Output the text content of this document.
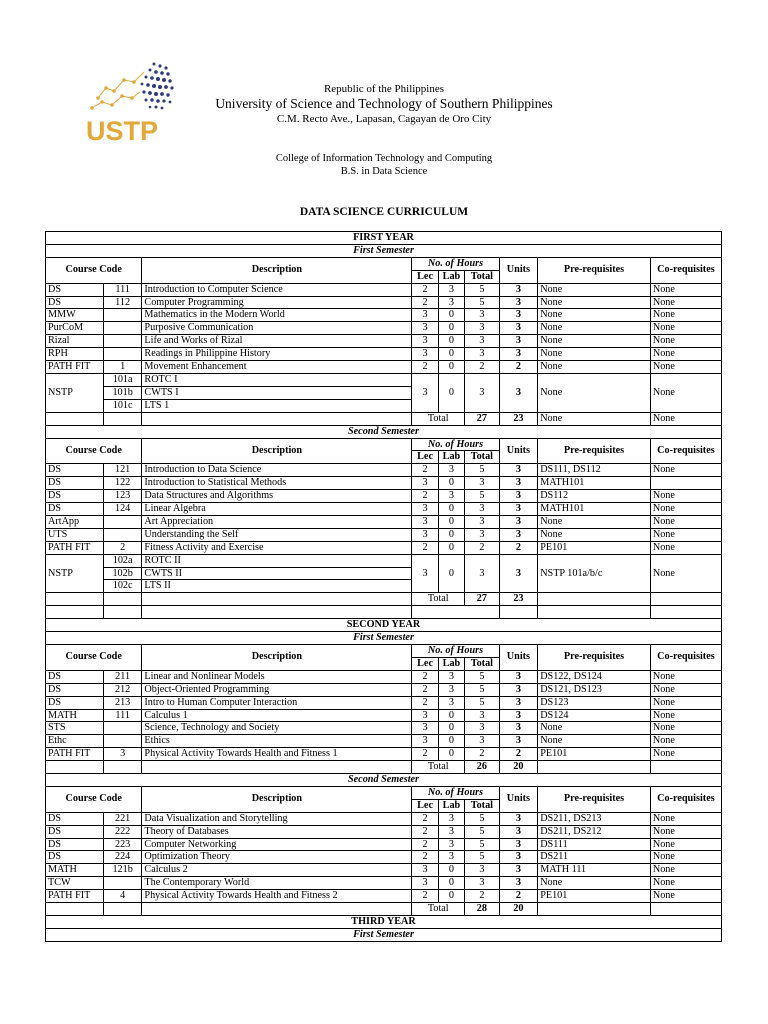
USTP
Republic of the Philippines
University of Science and Technology of Southern Philippines
C.M. Recto Ave., Lapasan, Cagayan de Oro City
College of Information Technology and Computing
B.S. in Data Science
DATA SCIENCE CURRICULUM
FIRST YEAR								
First Semester								
Course Code		Description	No. of Hours			Units	Pre-requisites	Co-requisites
			Lec	Lab	Total			
DS	111	Introduction to Computer Science	2	3	5	3	None	None
DS	112	Computer Programming	2	3	5	3	None	None
MMW		Mathematics in the Modern World	3	0	3	3	None	None
PurCoM		Purposive Communication	3	0	3	3	None	None
Rizal		Life and Works of Rizal	3	0	3	3	None	None
RPH		Readings in Philippine History	3	0	3	3	None	None
PATH FIT	1	Movement Enhancement	2	0	2	2	None	None
NSTP	101a	ROTC I	3	0	3	3	None	None
	101b	CWTS I						
	101c	LTS 1						
			Total		27	23	None	None
Second Semester								
Course Code		Description	No. of Hours			Units	Pre-requisites	Co-requisites
			Lec	Lab	Total			
DS	121	Introduction to Data Science	2	3	5	3	DS111, DS112	None
DS	122	Introduction to Statistical Methods	3	0	3	3	MATH101	
DS	123	Data Structures and Algorithms	2	3	5	3	DS112	None
DS	124	Linear Algebra	3	0	3	3	MATH101	None
ArtApp		Art Appreciation	3	0	3	3	None	None
UTS		Understanding the Self	3	0	3	3	None	None
PATH FIT	2	Fitness Activity and Exercise	2	0	2	2	PE101	None
NSTP	102a	ROTC II	3	0	3	3	NSTP 101a/b/c	None
	102b	CWTS II						
	102c	LTS II						
			Total		27	23		

SECOND YEAR								
First Semester								
Course Code		Description	No. of Hours			Units	Pre-requisites	Co-requisites
			Lec	Lab	Total			
DS	211	Linear and Nonlinear Models	2	3	5	3	DS122, DS124	None
DS	212	Object-Oriented Programming	2	3	5	3	DS121, DS123	None
DS	213	Intro to Human Computer Interaction	2	3	5	3	DS123	None
MATH	111	Calculus 1	3	0	3	3	DS124	None
STS		Science, Technology and Society	3	0	3	3	None	None
Ethc		Ethics	3	0	3	3	None	None
PATH FIT	3	Physical Activity Towards Health and Fitness 1	2	0	2	2	PE101	None
			Total		26	20		
Second Semester								
Course Code		Description	No. of Hours			Units	Pre-requisites	Co-requisites
			Lec	Lab	Total			
DS	221	Data Visualization and Storytelling	2	3	5	3	DS211, DS213	None
DS	222	Theory of Databases	2	3	5	3	DS211, DS212	None
DS	223	Computer Networking	2	3	5	3	DS111	None
DS	224	Optimization Theory	2	3	5	3	DS211	None
MATH	121b	Calculus 2	3	0	3	3	MATH 111	None
TCW		The Contemporary World	3	0	3	3	None	None
PATH FIT	4	Physical Activity Towards Health and Fitness 2	2	0	2	2	PE101	None
			Total		28	20		
THIRD YEAR								
First Semester								
